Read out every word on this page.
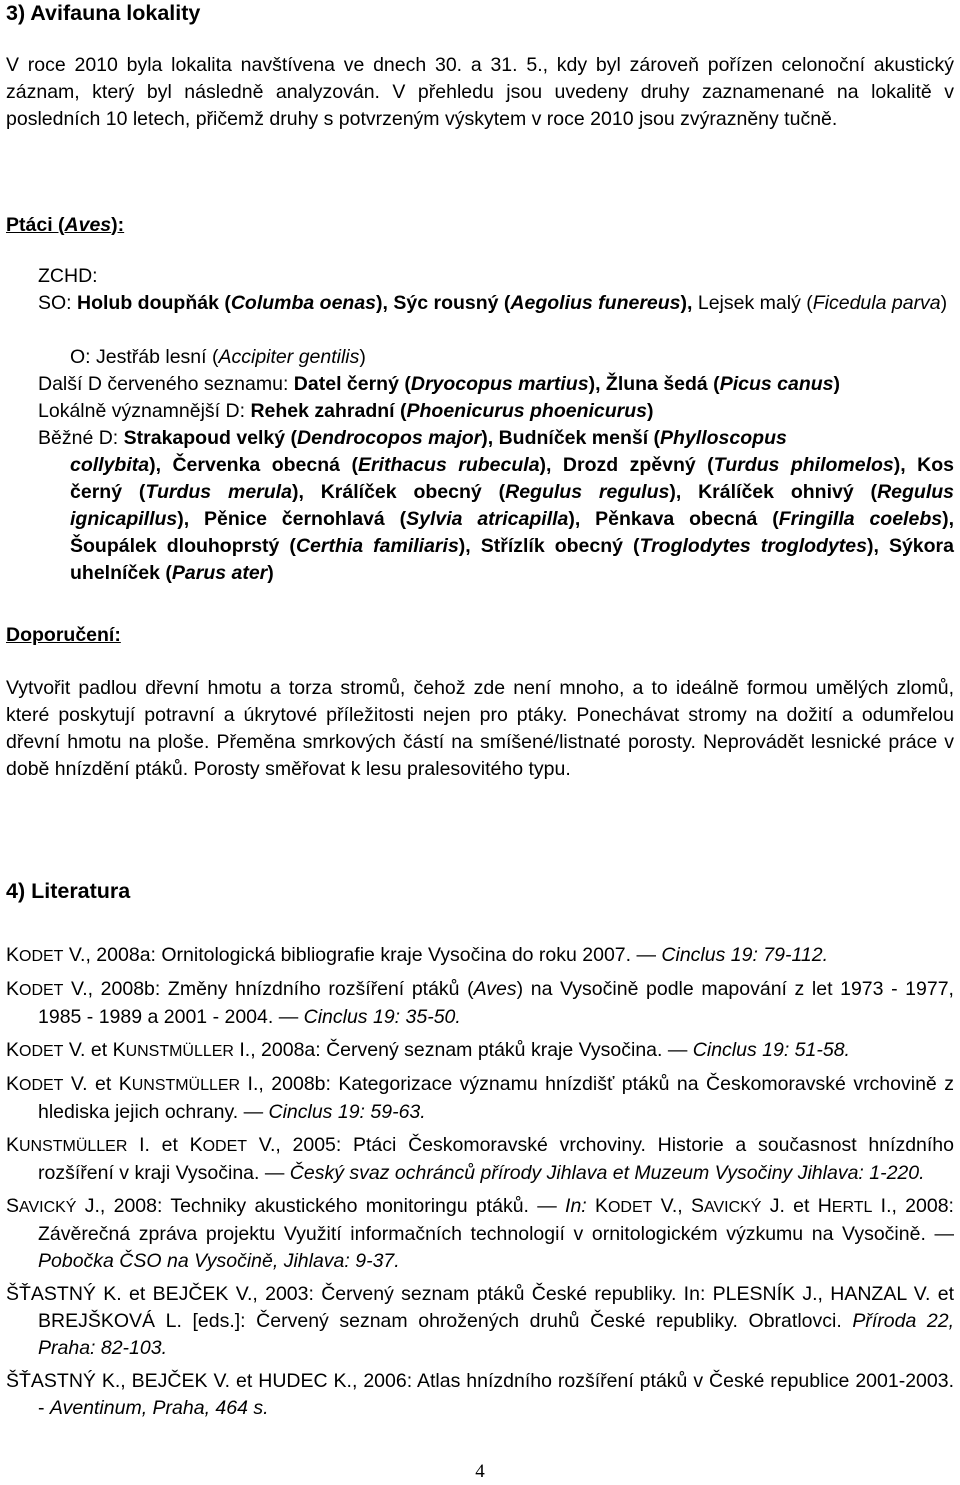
3) Avifauna lokality

V roce 2010 byla lokalita navštívena ve dnech 30. a 31. 5., kdy byl zároveň pořízen celonoční akustický záznam, který byl následně analyzován. V přehledu jsou uvedeny druhy zaznamenané na lokalitě v posledních 10 letech, přičemž druhy s potvrzeným výskytem v roce 2010 jsou zvýrazněny tučně.

Ptáci (Aves):

ZCHD:

SO: Holub doupňák (Columba oenas), Sýc rousný (Aegolius funereus), Lejsek malý (Ficedula parva)

O: Jestřáb lesní (Accipiter gentilis)

Další D červeného seznamu: Datel černý (Dryocopus martius), Žluna šedá (Picus canus)

Lokálně významnější D: Rehek zahradní (Phoenicurus phoenicurus)

Běžné D: Strakapoud velký (Dendrocopos major), Budníček menší (Phylloscopus
collybita), Červenka obecná (Erithacus rubecula), Drozd zpěvný (Turdus philomelos), Kos černý (Turdus merula), Králíček obecný (Regulus regulus), Králíček ohnivý (Regulus ignicapillus), Pěnice černohlavá (Sylvia atricapilla), Pěnkava obecná (Fringilla coelebs), Šoupálek dlouhoprstý (Certhia familiaris), Střízlík obecný (Troglodytes troglodytes), Sýkora uhelníček (Parus ater)

Doporučení:

Vytvořit padlou dřevní hmotu a torza stromů, čehož zde není mnoho, a to ideálně formou umělých zlomů, které poskytují potravní a úkrytové příležitosti nejen pro ptáky. Ponechávat stromy na dožití a odumřelou dřevní hmotu na ploše. Přeměna smrkových částí na smíšené/listnaté porosty. Neprovádět lesnické práce v době hnízdění ptáků. Porosty směřovat k lesu pralesovitého typu.

4) Literatura

KODET V., 2008a: Ornitologická bibliografie kraje Vysočina do roku 2007. — Cinclus 19: 79-112.

KODET V., 2008b: Změny hnízdního rozšíření ptáků (Aves) na Vysočině podle mapování z let 1973 - 1977, 1985 - 1989 a 2001 - 2004. — Cinclus 19: 35-50.

KODET V. et KUNSTMÜLLER I., 2008a: Červený seznam ptáků kraje Vysočina. — Cinclus 19: 51-58.

KODET V. et KUNSTMÜLLER I., 2008b: Kategorizace významu hnízdišť ptáků na Českomoravské vrchovině z hlediska jejich ochrany. — Cinclus 19: 59-63.

KUNSTMÜLLER I. et KODET V., 2005: Ptáci Českomoravské vrchoviny. Historie a současnost hnízdního rozšíření v kraji Vysočina. — Český svaz ochránců přírody Jihlava et Muzeum Vysočiny Jihlava: 1-220.

SAVICKÝ J., 2008: Techniky akustického monitoringu ptáků. — In: KODET V., SAVICKÝ J. et HERTL I., 2008: Závěrečná zpráva projektu Využití informačních technologií v ornitologickém výzkumu na Vysočině. — Pobočka ČSO na Vysočině, Jihlava: 9-37.

ŠŤASTNÝ K. et BEJČEK V., 2003: Červený seznam ptáků České republiky. In: PLESNÍK J., HANZAL V. et BREJŠKOVÁ L. [eds.]: Červený seznam ohrožených druhů České republiky. Obratlovci. Příroda 22, Praha: 82-103.

ŠŤASTNÝ K., BEJČEK V. et HUDEC K., 2006: Atlas hnízdního rozšíření ptáků v České republice 2001-2003. - Aventinum, Praha, 464 s.

4
